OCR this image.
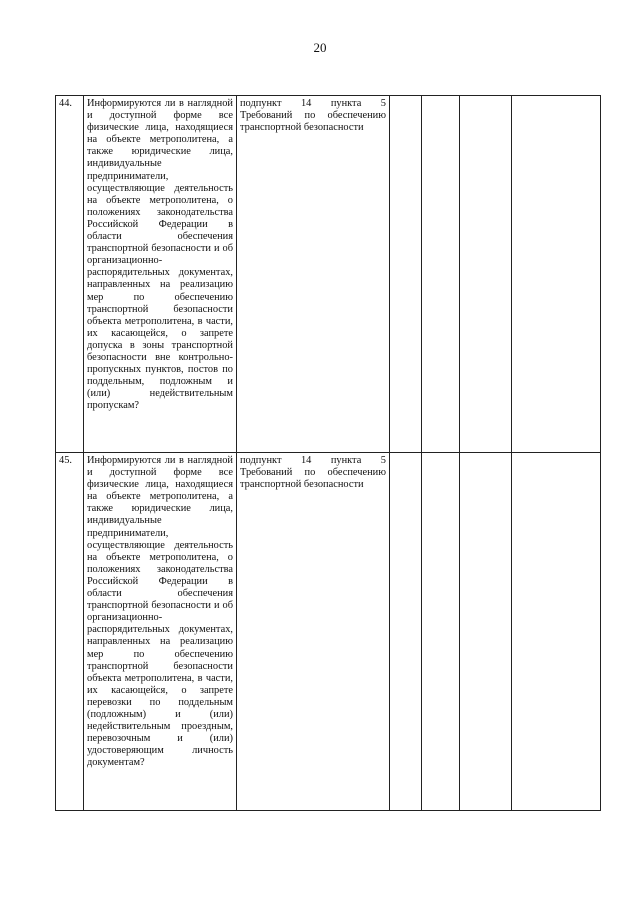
20
44.	Информируются ли в наглядной и доступной форме все физические лица, находящиеся на объекте метрополитена, а также юридические лица, индивидуальные предприниматели, осуществляющие деятельность на объекте метрополитена, о положениях законодательства Российской Федерации в области обеспечения транспортной безопасности и об организационно-распорядительных документах, направленных на реализацию мер по обеспечению транспортной безопасности объекта метрополитена, в части, их касающейся, о запрете допуска в зоны транспортной безопасности вне контрольно-пропускных пунктов, постов по поддельным, подложным и (или) недействительным пропускам?	подпункт 14 пункта 5 Требований по обеспечению транспортной безопасности				
45.	Информируются ли в наглядной и доступной форме все физические лица, находящиеся на объекте метрополитена, а также юридические лица, индивидуальные предприниматели, осуществляющие деятельность на объекте метрополитена, о положениях законодательства Российской Федерации в области обеспечения транспортной безопасности и об организационно-распорядительных документах, направленных на реализацию мер по обеспечению транспортной безопасности объекта метрополитена, в части, их касающейся, о запрете перевозки по поддельным (подложным) и (или) недействительным проездным, перевозочным и (или) удостоверяющим личность документам?	подпункт 14 пункта 5 Требований по обеспечению транспортной безопасности				
